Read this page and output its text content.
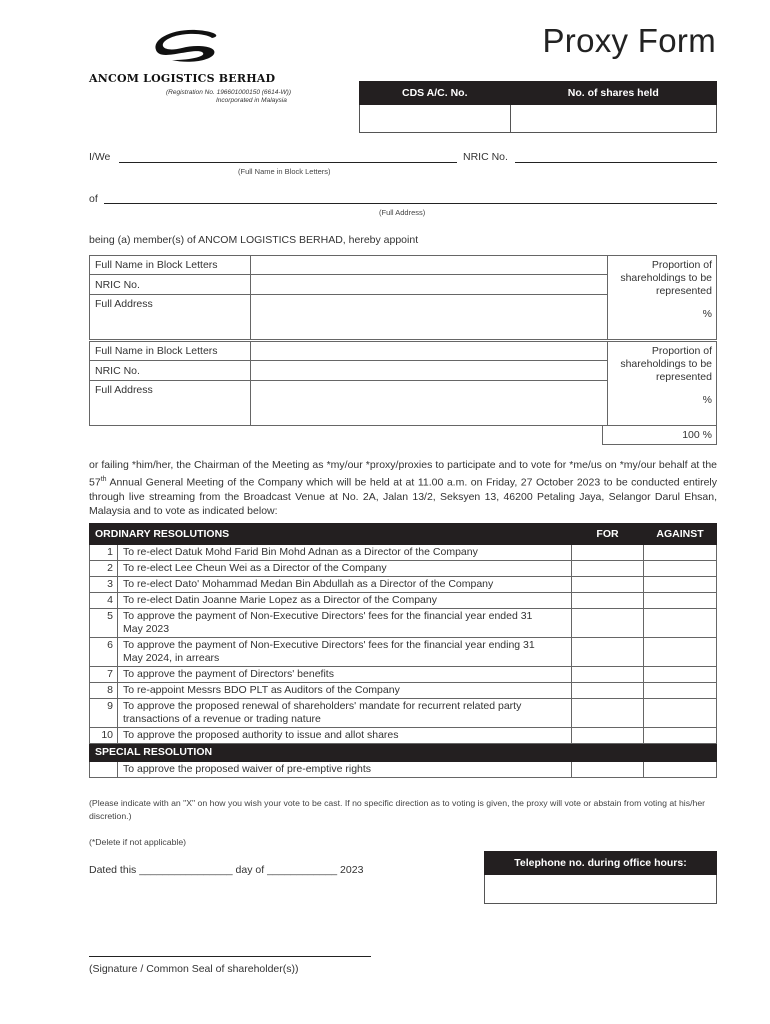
ANCOM LOGISTICS BERHAD
(Registration No. 196601000150 (6614-W))
Incorporated in Malaysia
Proxy Form
CDS A/C. No.	No. of shares held

I/We	NRIC No.
(Full Name in Block Letters)
of
(Full Address)
being (a) member(s) of ANCOM LOGISTICS BERHAD, hereby appoint
Full Name in Block Letters		Proportion of shareholdings to be represented
%

NRIC No.		
Full Address		
Full Name in Block Letters		Proportion of shareholdings to be represented
%

NRIC No.		
Full Address		
100 %
or failing *him/her, the Chairman of the Meeting as *my/our *proxy/proxies to participate and to vote for *me/us on *my/our behalf at the 57th Annual General Meeting of the Company which will be held at at 11.00 a.m. on Friday, 27 October 2023 to be conducted entirely through live streaming from the Broadcast Venue at No. 2A, Jalan 13/2, Seksyen 13, 46200 Petaling Jaya, Selangor Darul Ehsan, Malaysia and to vote as indicated below:
ORDINARY RESOLUTIONS		FOR	AGAINST
1	To re-elect Datuk Mohd Farid Bin Mohd Adnan as a Director of the Company		
2	To re-elect Lee Cheun Wei as a Director of the Company		
3	To re-elect Dato' Mohammad Medan Bin Abdullah as a Director of the Company		
4	To re-elect Datin Joanne Marie Lopez as a Director of the Company		
5	To approve the payment of Non-Executive Directors' fees for the financial year ended 31 May 2023		
6	To approve the payment of Non-Executive Directors' fees for the financial year ending 31 May 2024, in arrears		
7	To approve the payment of Directors' benefits		
8	To re-appoint Messrs BDO PLT as Auditors of the Company		
9	To approve the proposed renewal of shareholders' mandate for recurrent related party transactions of a revenue or trading nature		
10	To approve the proposed authority to issue and allot shares		
SPECIAL RESOLUTION			
	To approve the proposed waiver of pre-emptive rights		
(Please indicate with an "X" on how you wish your vote to be cast. If no specific direction as to voting is given, the proxy will vote or abstain from voting at his/her discretion.)
(*Delete if not applicable)
Dated this ________________ day of ____________ 2023
Telephone no. during office hours:

(Signature / Common Seal of shareholder(s))
